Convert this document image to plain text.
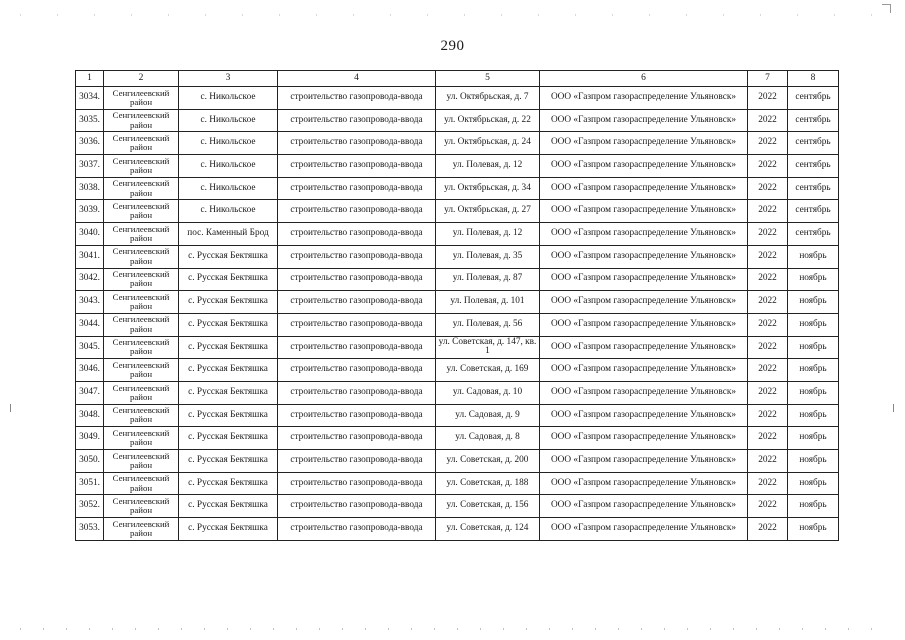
290
1	2	3	4	5	6	7	8
3034.	Сенгилеевский район	с. Никольское	строительство газопровода-ввода	ул. Октябрьская, д. 7	ООО «Газпром газораспределение Ульяновск»	2022	сентябрь
3035.	Сенгилеевский район	с. Никольское	строительство газопровода-ввода	ул. Октябрьская, д. 22	ООО «Газпром газораспределение Ульяновск»	2022	сентябрь
3036.	Сенгилеевский район	с. Никольское	строительство газопровода-ввода	ул. Октябрьская, д. 24	ООО «Газпром газораспределение Ульяновск»	2022	сентябрь
3037.	Сенгилеевский район	с. Никольское	строительство газопровода-ввода	ул. Полевая, д. 12	ООО «Газпром газораспределение Ульяновск»	2022	сентябрь
3038.	Сенгилеевский район	с. Никольское	строительство газопровода-ввода	ул. Октябрьская, д. 34	ООО «Газпром газораспределение Ульяновск»	2022	сентябрь
3039.	Сенгилеевский район	с. Никольское	строительство газопровода-ввода	ул. Октябрьская, д. 27	ООО «Газпром газораспределение Ульяновск»	2022	сентябрь
3040.	Сенгилеевский район	пос. Каменный Брод	строительство газопровода-ввода	ул. Полевая, д. 12	ООО «Газпром газораспределение Ульяновск»	2022	сентябрь
3041.	Сенгилеевский район	с. Русская Бектяшка	строительство газопровода-ввода	ул. Полевая, д. 35	ООО «Газпром газораспределение Ульяновск»	2022	ноябрь
3042.	Сенгилеевский район	с. Русская Бектяшка	строительство газопровода-ввода	ул. Полевая, д. 87	ООО «Газпром газораспределение Ульяновск»	2022	ноябрь
3043.	Сенгилеевский район	с. Русская Бектяшка	строительство газопровода-ввода	ул. Полевая, д. 101	ООО «Газпром газораспределение Ульяновск»	2022	ноябрь
3044.	Сенгилеевский район	с. Русская Бектяшка	строительство газопровода-ввода	ул. Полевая, д. 56	ООО «Газпром газораспределение Ульяновск»	2022	ноябрь
3045.	Сенгилеевский район	с. Русская Бектяшка	строительство газопровода-ввода	ул. Советская, д. 147, кв. 1	ООО «Газпром газораспределение Ульяновск»	2022	ноябрь
3046.	Сенгилеевский район	с. Русская Бектяшка	строительство газопровода-ввода	ул. Советская, д. 169	ООО «Газпром газораспределение Ульяновск»	2022	ноябрь
3047.	Сенгилеевский район	с. Русская Бектяшка	строительство газопровода-ввода	ул. Садовая, д. 10	ООО «Газпром газораспределение Ульяновск»	2022	ноябрь
3048.	Сенгилеевский район	с. Русская Бектяшка	строительство газопровода-ввода	ул. Садовая, д. 9	ООО «Газпром газораспределение Ульяновск»	2022	ноябрь
3049.	Сенгилеевский район	с. Русская Бектяшка	строительство газопровода-ввода	ул. Садовая, д. 8	ООО «Газпром газораспределение Ульяновск»	2022	ноябрь
3050.	Сенгилеевский район	с. Русская Бектяшка	строительство газопровода-ввода	ул. Советская, д. 200	ООО «Газпром газораспределение Ульяновск»	2022	ноябрь
3051.	Сенгилеевский район	с. Русская Бектяшка	строительство газопровода-ввода	ул. Советская, д. 188	ООО «Газпром газораспределение Ульяновск»	2022	ноябрь
3052.	Сенгилеевский район	с. Русская Бектяшка	строительство газопровода-ввода	ул. Советская, д. 156	ООО «Газпром газораспределение Ульяновск»	2022	ноябрь
3053.	Сенгилеевский район	с. Русская Бектяшка	строительство газопровода-ввода	ул. Советская, д. 124	ООО «Газпром газораспределение Ульяновск»	2022	ноябрь
